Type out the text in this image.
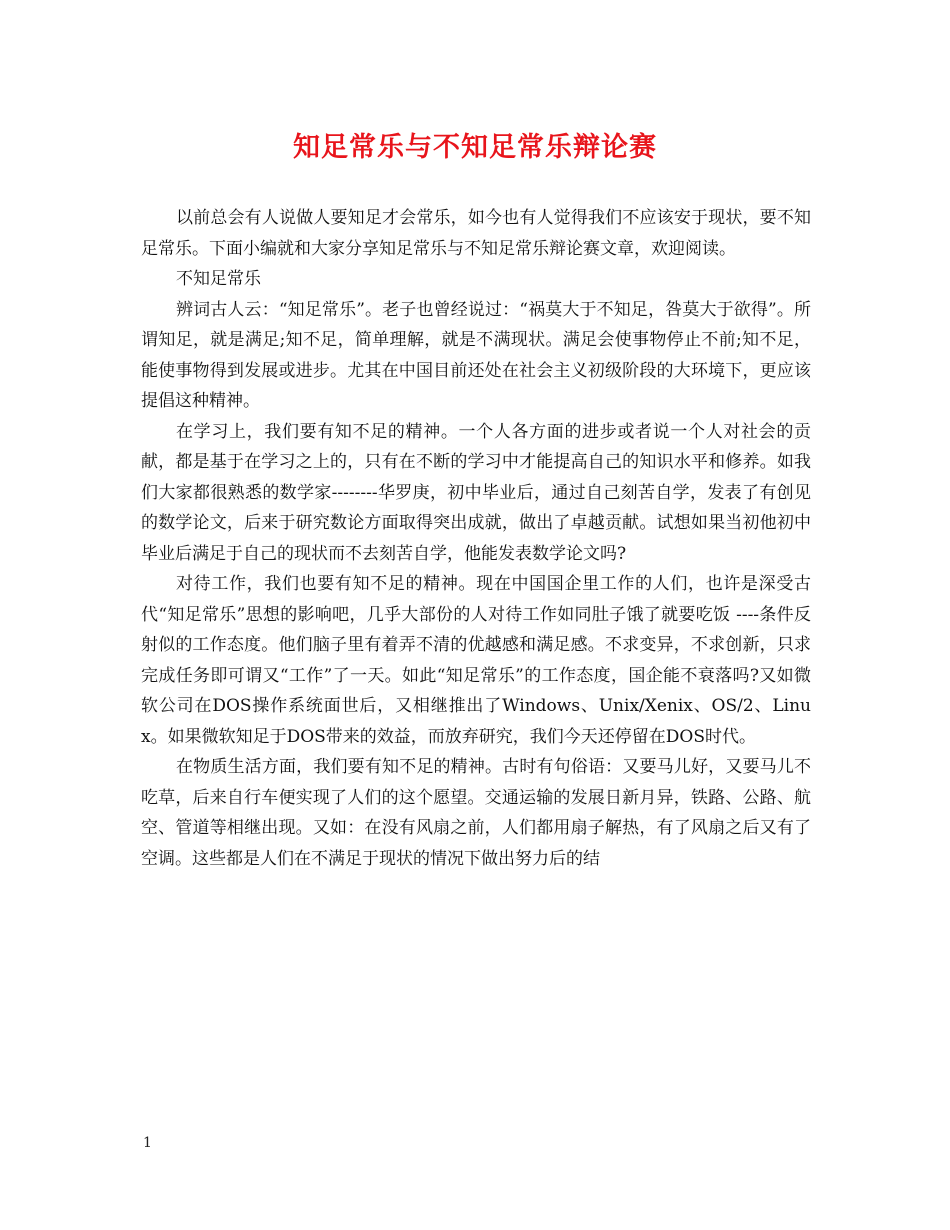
知足常乐与不知足常乐辩论赛

以前总会有人说做人要知足才会常乐，如今也有人觉得我们不应该安于现状，要不知足常乐。下面小编就和大家分享知足常乐与不知足常乐辩论赛文章，欢迎阅读。

不知足常乐

辨词古人云：“知足常乐”。老子也曾经说过：“祸莫大于不知足，咎莫大于欲得”。所谓知足，就是满足;知不足，简单理解，就是不满现状。满足会使事物停止不前;知不足，能使事物得到发展或进步。尤其在中国目前还处在社会主义初级阶段的大环境下，更应该提倡这种精神。

在学习上，我们要有知不足的精神。一个人各方面的进步或者说一个人对社会的贡献，都是基于在学习之上的，只有在不断的学习中才能提高自己的知识水平和修养。如我们大家都很熟悉的数学家--------华罗庚，初中毕业后，通过自己刻苦自学，发表了有创见的数学论文，后来于研究数论方面取得突出成就，做出了卓越贡献。试想如果当初他初中毕业后满足于自己的现状而不去刻苦自学，他能发表数学论文吗?

对待工作，我们也要有知不足的精神。现在中国国企里工作的人们，也许是深受古代“知足常乐”思想的影响吧，几乎大部份的人对待工作如同肚子饿了就要吃饭 ----条件反射似的工作态度。他们脑子里有着弄不清的优越感和满足感。不求变异，不求创新，只求完成任务即可谓又“工作”了一天。如此“知足常乐”的工作态度，国企能不衰落吗?又如微软公司在DOS操作系统面世后，又相继推出了Windows、Unix/Xenix、OS/2、Linux。如果微软知足于DOS带来的效益，而放弃研究，我们今天还停留在DOS时代。

在物质生活方面，我们要有知不足的精神。古时有句俗语：又要马儿好，又要马儿不吃草，后来自行车便实现了人们的这个愿望。交通运输的发展日新月异，铁路、公路、航空、管道等相继出现。又如：在没有风扇之前，人们都用扇子解热，有了风扇之后又有了空调。这些都是人们在不满足于现状的情况下做出努力后的结

1
